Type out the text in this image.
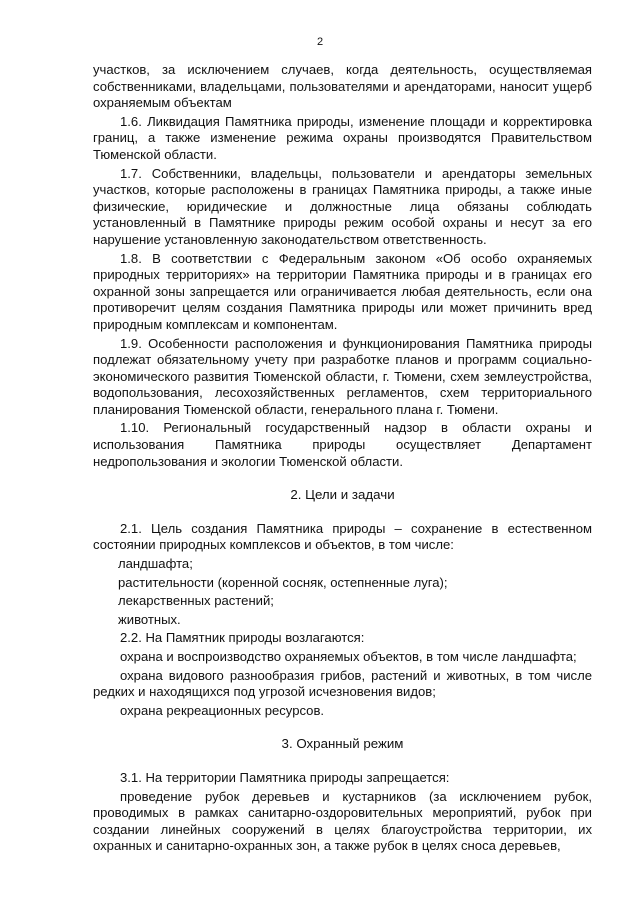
2

участков, за исключением случаев, когда деятельность, осуществляемая собственниками, владельцами, пользователями и арендаторами, наносит ущерб охраняемым объектам

1.6. Ликвидация Памятника природы, изменение площади и корректировка границ, а также изменение режима охраны производятся Правительством Тюменской области.

1.7. Собственники, владельцы, пользователи и арендаторы земельных участков, которые расположены в границах Памятника природы, а также иные физические, юридические и должностные лица обязаны соблюдать установленный в Памятнике природы режим особой охраны и несут за его нарушение установленную законодательством ответственность.

1.8. В соответствии с Федеральным законом «Об особо охраняемых природных территориях» на территории Памятника природы и в границах его охранной зоны запрещается или ограничивается любая деятельность, если она противоречит целям создания Памятника природы или может причинить вред природным комплексам и компонентам.

1.9. Особенности расположения и функционирования Памятника природы подлежат обязательному учету при разработке планов и программ социально-экономического развития Тюменской области, г. Тюмени, схем землеустройства, водопользования, лесохозяйственных регламентов, схем территориального планирования Тюменской области, генерального плана г. Тюмени.

1.10. Региональный государственный надзор в области охраны и использования Памятника природы осуществляет Департамент недропользования и экологии Тюменской области.

2. Цели и задачи

2.1. Цель создания Памятника природы – сохранение в естественном состоянии природных комплексов и объектов, в том числе:

ландшафта;

растительности (коренной сосняк, остепненные луга);

лекарственных растений;

животных.

2.2. На Памятник природы возлагаются:

охрана и воспроизводство охраняемых объектов, в том числе ландшафта;

охрана видового разнообразия грибов, растений и животных, в том числе редких и находящихся под угрозой исчезновения видов;

охрана рекреационных ресурсов.

3. Охранный режим

3.1. На территории Памятника природы запрещается:

проведение рубок деревьев и кустарников (за исключением рубок, проводимых в рамках санитарно-оздоровительных мероприятий, рубок при создании линейных сооружений в целях благоустройства территории, их охранных и санитарно-охранных зон, а также рубок в целях сноса деревьев,
